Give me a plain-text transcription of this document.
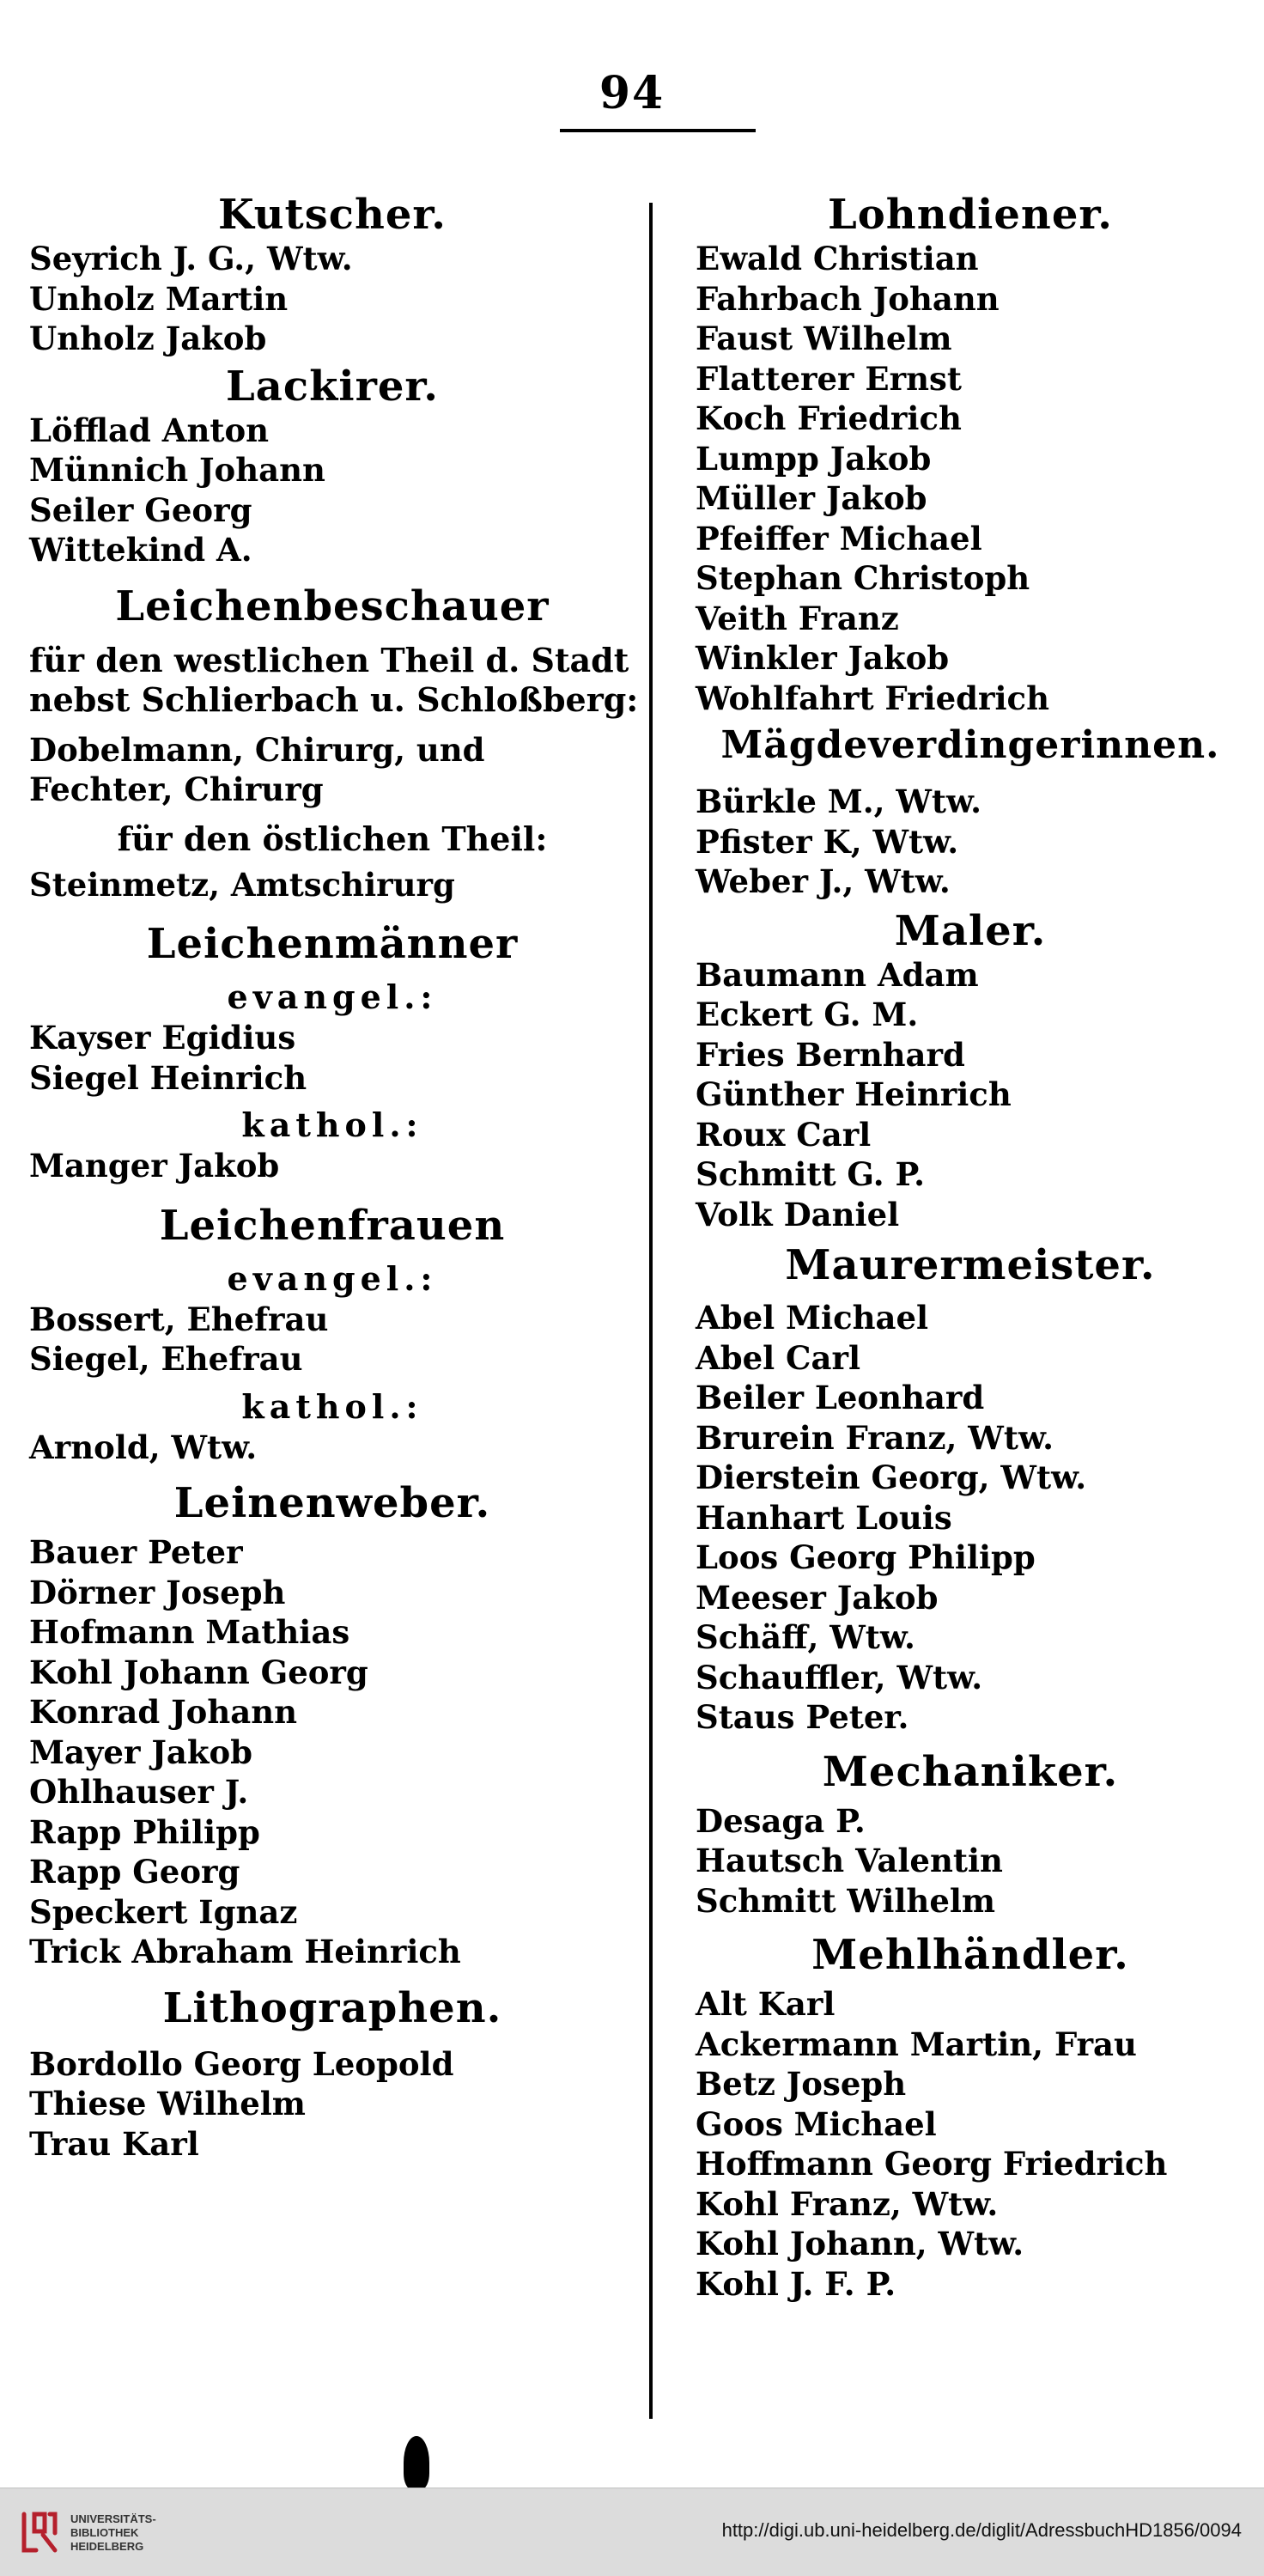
94
Kutscher.
Seyrich J. G., Wtw.
Unholz Martin
Unholz Jakob
Lackirer.
Löfflad Anton
Münnich Johann
Seiler Georg
Wittekind A.
Leichenbeschauer
für den westlichen Theil d. Stadt
nebst Schlierbach u. Schloßberg:
Dobelmann, Chirurg, und
Fechter, Chirurg
für den östlichen Theil:
Steinmetz, Amtschirurg
Leichenmänner
evangel.:
Kayser Egidius
Siegel Heinrich
kathol.:
Manger Jakob
Leichenfrauen
evangel.:
Bossert, Ehefrau
Siegel, Ehefrau
kathol.:
Arnold, Wtw.
Leinenweber.
Bauer Peter
Dörner Joseph
Hofmann Mathias
Kohl Johann Georg
Konrad Johann
Mayer Jakob
Ohlhauser J.
Rapp Philipp
Rapp Georg
Speckert Ignaz
Trick Abraham Heinrich
Lithographen.
Bordollo Georg Leopold
Thiese Wilhelm
Trau Karl
Lohndiener.
Ewald Christian
Fahrbach Johann
Faust Wilhelm
Flatterer Ernst
Koch Friedrich
Lumpp Jakob
Müller Jakob
Pfeiffer Michael
Stephan Christoph
Veith Franz
Winkler Jakob
Wohlfahrt Friedrich
Mägdeverdingerinnen.
Bürkle M., Wtw.
Pfister K, Wtw.
Weber J., Wtw.
Maler.
Baumann Adam
Eckert G. M.
Fries Bernhard
Günther Heinrich
Roux Carl
Schmitt G. P.
Volk Daniel
Maurermeister.
Abel Michael
Abel Carl
Beiler Leonhard
Brurein Franz, Wtw.
Dierstein Georg, Wtw.
Hanhart Louis
Loos Georg Philipp
Meeser Jakob
Schäff, Wtw.
Schauffler, Wtw.
Staus Peter.
Mechaniker.
Desaga P.
Hautsch Valentin
Schmitt Wilhelm
Mehlhändler.
Alt Karl
Ackermann Martin, Frau
Betz Joseph
Goos Michael
Hoffmann Georg Friedrich
Kohl Franz, Wtw.
Kohl Johann, Wtw.
Kohl J. F. P.
UNIVERSITÄTS-
BIBLIOTHEK
HEIDELBERG
http://digi.ub.uni-heidelberg.de/diglit/AdressbuchHD1856/0094
